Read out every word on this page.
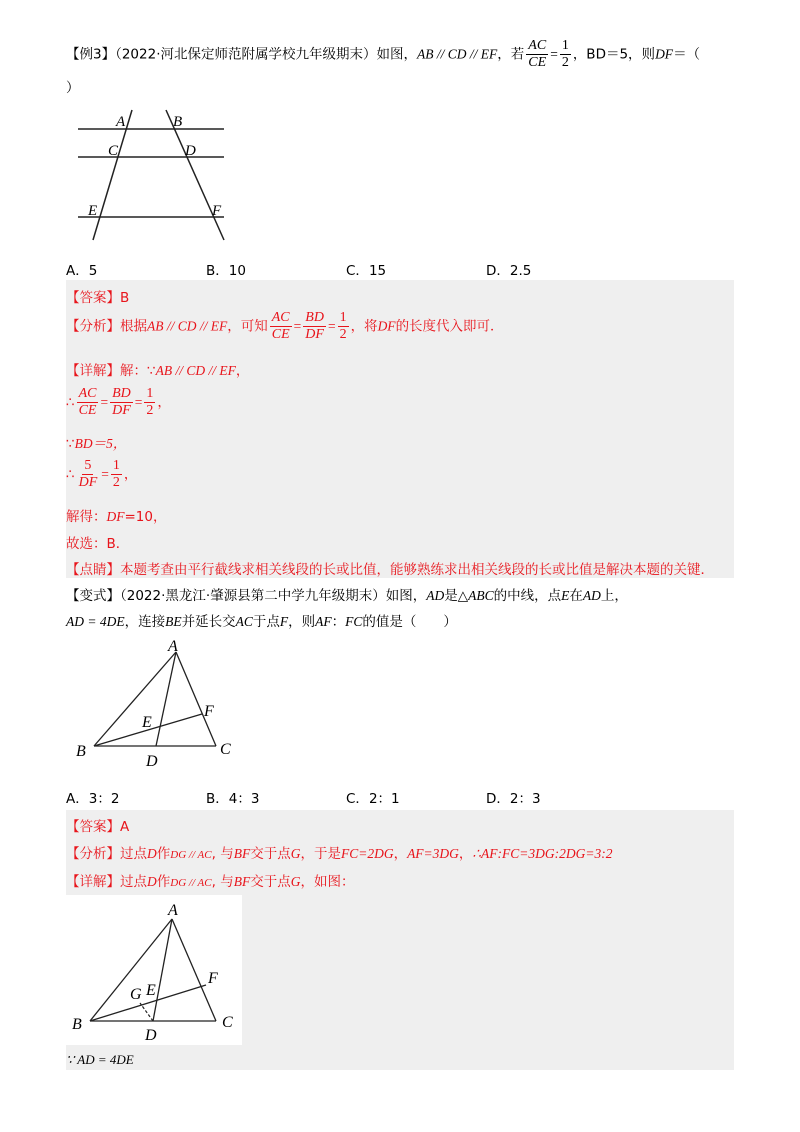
【例3】（2022·河北保定师范附属学校九年级期末）如图，AB // CD // EF，若 $\frac{AC}{CE} = \frac{1}{2}$ ，BD＝5，则DF＝（
）
A	B
C	D
E	F
A．5	B．10	C．15	D．2.5
【答案】B
【分析】根据AB // CD // EF，可知 $\frac{AC}{CE} = \frac{BD}{DF} = \frac{1}{2}$ ，将DF的长度代入即可．
【详解】解：∵AB // CD // EF，
∴ $\frac{AC}{CE} = \frac{BD}{DF} = \frac{1}{2}$ ，
∵BD＝5，
∴ $\frac{5}{DF} = \frac{1}{2}$ ，
解得：DF=10，
故选：B．
【点睛】本题考查由平行截线求相关线段的长或比值，能够熟练求出相关线段的长或比值是解决本题的关键．
【变式】（2022·黑龙江·肇源县第二中学九年级期末）如图，AD是△ABC的中线，点E在AD上，
AD = 4DE，连接BE并延长交AC于点F，则AF：FC的值是（　　）
A
B	C
D
E
F
A．3：2	B．4：3	C．2：1	D．2：3
【答案】A
【分析】过点D作DG // AC, 与BF交于点G，于是FC=2DG，AF=3DG，∴AF:FC=3DG:2DG=3:2
【详解】过点D作DG // AC, 与BF交于点G，如图：
A
B	C
D
E
F
G
∵ AD = 4DE
